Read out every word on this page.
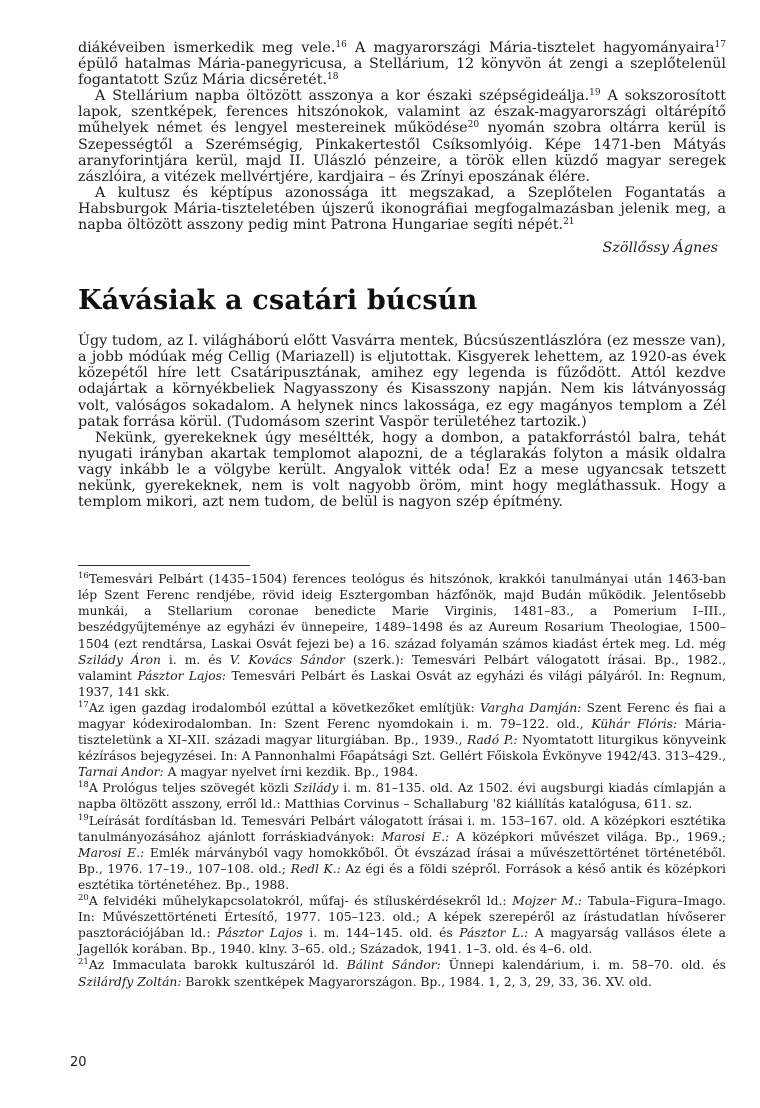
diákéveiben ismerkedik meg vele.$^{16}$ A magyarországi Mária-tisztelet hagyományaira$^{17}$ épülő hatalmas Mária-panegyricusa, a Stellárium, 12 könyvön át zengi a szeplőtelenül fogantatott Szűz Mária dicséretét.$^{18}$

A Stellárium napba öltözött asszonya a kor északi szépségideálja.$^{19}$ A sokszorosított lapok, szentképek, ferences hitszónokok, valamint az észak-magyarországi oltárépítő műhelyek német és lengyel mestereinek működése$^{20}$ nyomán szobra oltárra kerül is Szepességtől a Szerémségig, Pinkakertestől Csíksomlyóig. Képe 1471-ben Mátyás aranyforintjára kerül, majd II. Ulászló pénzeire, a török ellen küzdő magyar seregek zászlóira, a vitézek mellvértjére, kardjaira – és Zrínyi eposzának élére.

A kultusz és képtípus azonossága itt megszakad, a Szeplőtelen Fogantatás a Habsburgok Mária-tiszteletében újszerű ikonográfiai megfogalmazásban jelenik meg, a napba öltözött asszony pedig mint Patrona Hungariae segíti népét.$^{21}$

Szöllőssy Ágnes
Kávásiak a csatári búcsún

Úgy tudom, az I. világháború előtt Vasvárra mentek, Búcsúszentlászlóra (ez messze van), a jobb módúak még Cellig (Mariazell) is eljutottak. Kisgyerek lehettem, az 1920-as évek közepétől híre lett Csatáripusztának, amihez egy legenda is fűződött. Attól kezdve odajártak a környékbeliek Nagyasszony és Kisasszony napján. Nem kis látványosság volt, valóságos sokadalom. A helynek nincs lakossága, ez egy magányos templom a Zél patak forrása körül. (Tudomásom szerint Vaspör területéhez tartozik.)

Nekünk, gyerekeknek úgy meséltték, hogy a dombon, a patakforrástól balra, tehát nyugati irányban akartak templomot alapozni, de a téglarakás folyton a másik oldalra vagy inkább le a völgybe került. Angyalok vitték oda! Ez a mese ugyancsak tetszett nekünk, gyerekeknek, nem is volt nagyobb öröm, mint hogy megláthassuk. Hogy a templom mikori, azt nem tudom, de belül is nagyon szép építmény.

$^{16}$Temesvári Pelbárt (1435–1504) ferences teológus és hitszónok, krakkói tanulmányai után 1463-ban lép Szent Ferenc rendjébe, rövid ideig Esztergomban házfőnök, majd Budán működik. Jelentősebb munkái, a Stellarium coronae benedicte Marie Virginis, 1481–83., a Pomerium I–III., beszédgyűjteménye az egyházi év ünnepeire, 1489–1498 és az Aureum Rosarium Theologiae, 1500–1504 (ezt rendtársa, Laskai Osvát fejezi be) a 16. század folyamán számos kiadást értek meg. Ld. még Szilády Áron i. m. és V. Kovács Sándor (szerk.): Temesvári Pelbárt válogatott írásai. Bp., 1982., valamint Pásztor Lajos: Temesvári Pelbárt és Laskai Osvát az egyházi és világi pályáról. In: Regnum, 1937, 141 skk.

$^{17}$Az igen gazdag irodalomból ezúttal a következőket említjük: Vargha Damján: Szent Ferenc és fiai a magyar kódexirodalomban. In: Szent Ferenc nyomdokain i. m. 79–122. old., Kühár Flóris: Mária-tiszteletünk a XI–XII. századi magyar liturgiában. Bp., 1939., Radó P.: Nyomtatott liturgikus könyveink kézírásos bejegyzései. In: A Pannonhalmi Főapátsági Szt. Gellért Főiskola Évkönyve 1942/43. 313–429., Tarnai Andor: A magyar nyelvet írni kezdik. Bp., 1984.

$^{18}$A Prológus teljes szövegét közli Szilády i. m. 81–135. old. Az 1502. évi augsburgi kiadás címlapján a napba öltözött asszony, erről ld.: Matthias Corvinus – Schallaburg '82 kiállítás katalógusa, 611. sz.

$^{19}$Leírását fordításban ld. Temesvári Pelbárt válogatott írásai i. m. 153–167. old. A középkori esztétika tanulmányozásához ajánlott forráskiadványok: Marosi E.: A középkori művészet világa. Bp., 1969.; Marosi E.: Emlék márványból vagy homokkőből. Öt évszázad írásai a művészettörténet történetéből. Bp., 1976. 17–19., 107–108. old.; Redl K.: Az égi és a földi szépről. Források a késő antik és középkori esztétika történetéhez. Bp., 1988.

$^{20}$A felvidéki műhelykapcsolatokról, műfaj- és stíluskérdésekről ld.: Mojzer M.: Tabula–Figura–Imago. In: Művészettörténeti Értesítő, 1977. 105–123. old.; A képek szerepéről az írástudatlan hívőserег pasztorációjában ld.: Pásztor Lajos i. m. 144–145. old. és Pásztor L.: A magyarság vallásos élete a Jagellók korában. Bp., 1940. klny. 3–65. old.; Századok, 1941. 1–3. old. és 4–6. old.

$^{21}$Az Immaculata barokk kultuszáról ld. Bálint Sándor: Ünnepi kalendárium, i. m. 58–70. old. és Szilárdfy Zoltán: Barokk szentképek Magyarországon. Bp., 1984. 1, 2, 3, 29, 33, 36. XV. old.

20
